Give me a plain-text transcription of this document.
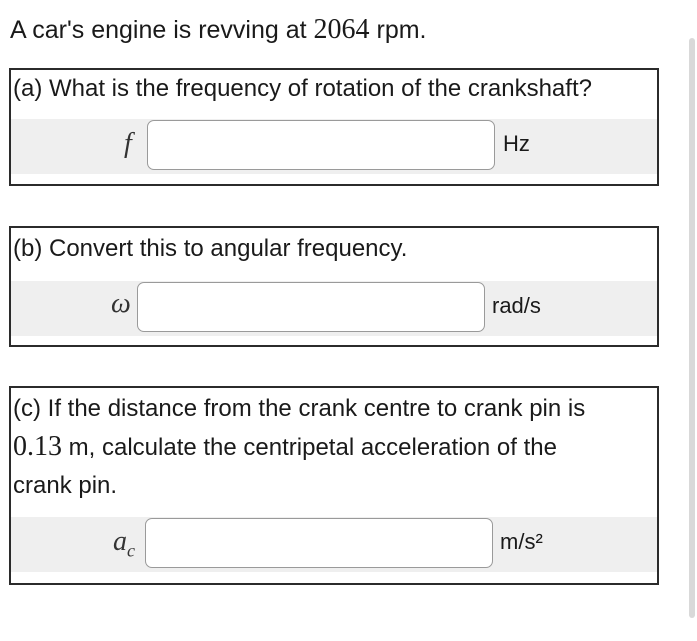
A car's engine is revving at 2064 rpm.
(a) What is the frequency of rotation of the crankshaft?
f	Hz
(b) Convert this to angular frequency.
ω	rad/s
(c) If the distance from the crank centre to crank pin is
0.13 m, calculate the centripetal acceleration of the
crank pin.
$a_c$	m/s²
